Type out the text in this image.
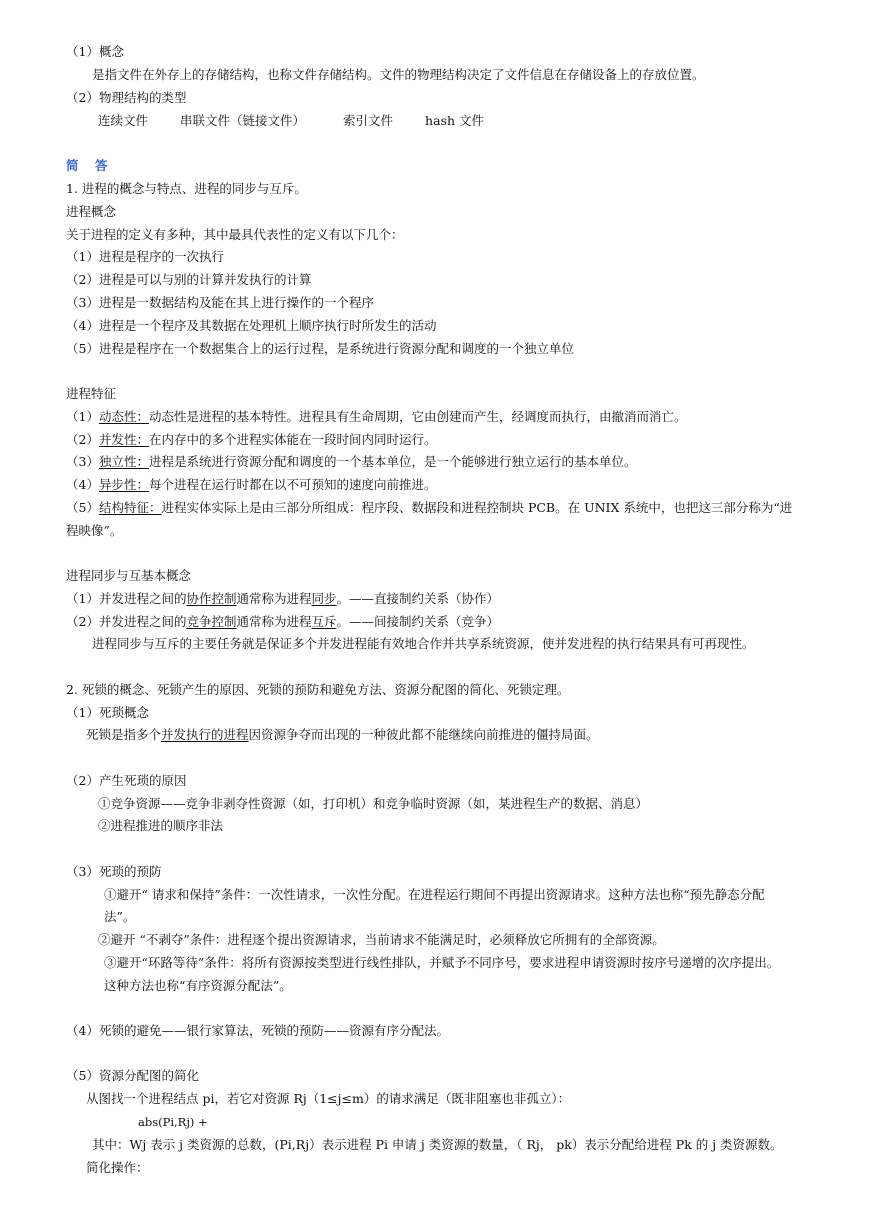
（1）概念
是指文件在外存上的存储结构，也称文件存储结构。文件的物理结构决定了文件信息在存储设备上的存放位置。
（2）物理结构的类型
连续文件	串联文件（链接文件）	索引文件	hash 文件
简 答
1. 进程的概念与特点、进程的同步与互斥。
进程概念
关于进程的定义有多种，其中最具代表性的定义有以下几个：
（1）进程是程序的一次执行
（2）进程是可以与别的计算并发执行的计算
（3）进程是一数据结构及能在其上进行操作的一个程序
（4）进程是一个程序及其数据在处理机上顺序执行时所发生的活动
（5）进程是程序在一个数据集合上的运行过程，是系统进行资源分配和调度的一个独立单位
进程特征
（1）动态性：动态性是进程的基本特性。进程具有生命周期，它由创建而产生，经调度而执行，由撤消而消亡。
（2）并发性：在内存中的多个进程实体能在一段时间内同时运行。
（3）独立性：进程是系统进行资源分配和调度的一个基本单位，是一个能够进行独立运行的基本单位。
（4）异步性：每个进程在运行时都在以不可预知的速度向前推进。
（5）结构特征：进程实体实际上是由三部分所组成：程序段、数据段和进程控制块 PCB。在 UNIX 系统中，也把这三部分称为“进
程映像”。
进程同步与互基本概念
（1）并发进程之间的协作控制通常称为进程同步。——直接制约关系（协作）
（2）并发进程之间的竞争控制通常称为进程互斥。——间接制约关系（竞争）
进程同步与互斥的主要任务就是保证多个并发进程能有效地合作并共享系统资源，使并发进程的执行结果具有可再现性。
2. 死锁的概念、死锁产生的原因、死锁的预防和避免方法、资源分配图的简化、死锁定理。
（1）死琐概念
死锁是指多个并发执行的进程因资源争夺而出现的一种彼此都不能继续向前推进的僵持局面。
（2）产生死琐的原因
①竞争资源——竞争非剥夺性资源（如，打印机）和竞争临时资源（如，某进程生产的数据、消息）
②进程推进的顺序非法
（3）死琐的预防
①避开“ 请求和保持”条件：一次性请求，一次性分配。在进程运行期间不再提出资源请求。这种方法也称“预先静态分配
法”。
②避开 “不剥夺”条件：进程逐个提出资源请求，当前请求不能满足时，必须释放它所拥有的全部资源。
③避开“环路等待”条件：将所有资源按类型进行线性排队，并赋予不同序号，要求进程申请资源时按序号递增的次序提出。
这种方法也称“有序资源分配法”。
（4）死锁的避免——银行家算法，死锁的预防——资源有序分配法。
（5）资源分配图的简化
从图找一个进程结点 pi，若它对资源 Rj（1≤j≤m）的请求满足（既非阻塞也非孤立）：
abs(Pi,Rj) +
其中：Wj 表示 j 类资源的总数，(Pi,Rj）表示进程 Pi 申请 j 类资源的数量，（ Rj， pk）表示分配给进程 Pk 的 j 类资源数。
简化操作：
